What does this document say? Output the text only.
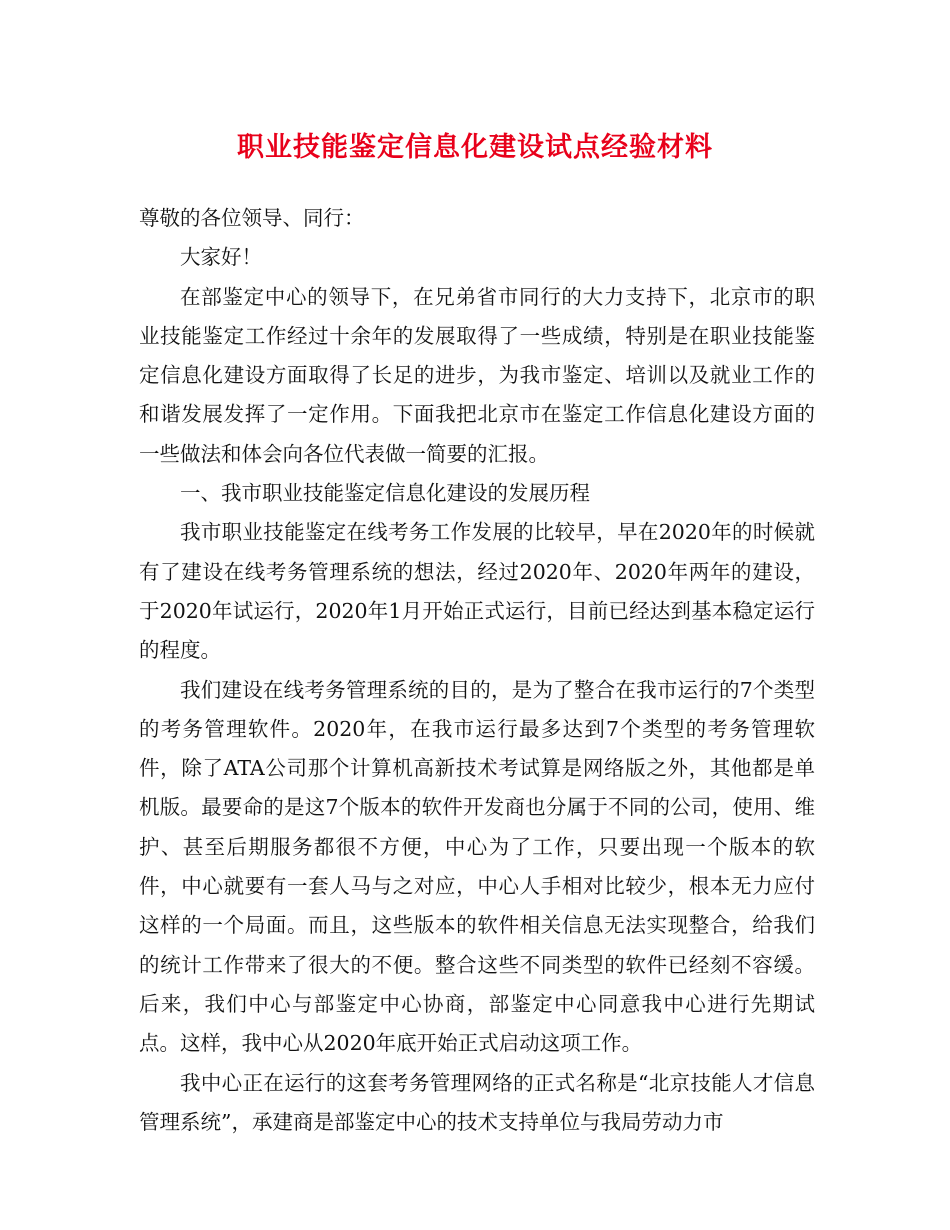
职业技能鉴定信息化建设试点经验材料

尊敬的各位领导、同行：

大家好！

在部鉴定中心的领导下，在兄弟省市同行的大力支持下，北京市的职业技能鉴定工作经过十余年的发展取得了一些成绩，特别是在职业技能鉴定信息化建设方面取得了长足的进步，为我市鉴定、培训以及就业工作的和谐发展发挥了一定作用。下面我把北京市在鉴定工作信息化建设方面的一些做法和体会向各位代表做一简要的汇报。

一、我市职业技能鉴定信息化建设的发展历程

我市职业技能鉴定在线考务工作发展的比较早，早在2020年的时候就有了建设在线考务管理系统的想法，经过2020年、2020年两年的建设，于2020年试运行，2020年1月开始正式运行，目前已经达到基本稳定运行的程度。

我们建设在线考务管理系统的目的，是为了整合在我市运行的7个类型的考务管理软件。2020年，在我市运行最多达到7个类型的考务管理软件，除了ATA公司那个计算机高新技术考试算是网络版之外，其他都是单机版。最要命的是这7个版本的软件开发商也分属于不同的公司，使用、维护、甚至后期服务都很不方便，中心为了工作，只要出现一个版本的软件，中心就要有一套人马与之对应，中心人手相对比较少，根本无力应付这样的一个局面。而且，这些版本的软件相关信息无法实现整合，给我们的统计工作带来了很大的不便。整合这些不同类型的软件已经刻不容缓。后来，我们中心与部鉴定中心协商，部鉴定中心同意我中心进行先期试点。这样，我中心从2020年底开始正式启动这项工作。

我中心正在运行的这套考务管理网络的正式名称是“北京技能人才信息管理系统”，承建商是部鉴定中心的技术支持单位与我局劳动力市
